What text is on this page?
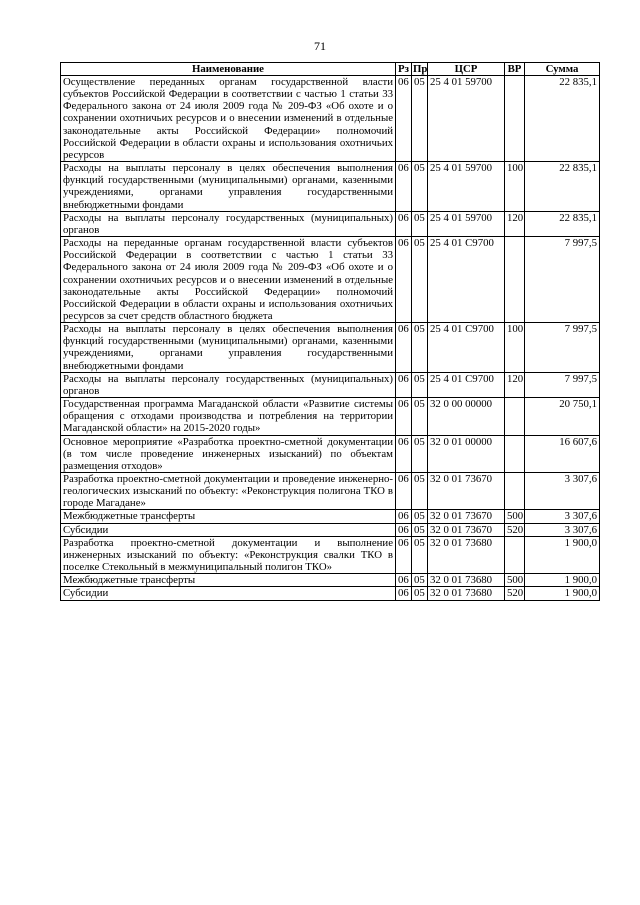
71
Наименование	Рз	Пр	ЦСР	ВР	Сумма
Осуществление переданных органам государственной власти субъектов Российской Федерации в соответствии с частью 1 статьи 33 Федерального закона от 24 июля 2009 года № 209-ФЗ «Об охоте и о сохранении охотничьих ресурсов и о внесении изменений в отдельные законодательные акты Российской Федерации» полномочий Российской Федерации в области охраны и использования охотничьих ресурсов	06	05	25 4 01 59700		22 835,1
Расходы на выплаты персоналу в целях обеспечения выполнения функций государственными (муниципальными) органами, казенными учреждениями, органами управления государственными внебюджетными фондами	06	05	25 4 01 59700	100	22 835,1
Расходы на выплаты персоналу государственных (муниципальных) органов	06	05	25 4 01 59700	120	22 835,1
Расходы на переданные органам государственной власти субъектов Российской Федерации в соответствии с частью 1 статьи 33 Федерального закона от 24 июля 2009 года № 209-ФЗ «Об охоте и о сохранении охотничьих ресурсов и о внесении изменений в отдельные законодательные акты Российской Федерации» полномочий Российской Федерации в области охраны и использования охотничьих ресурсов за счет средств областного бюджета	06	05	25 4 01 С9700		7 997,5
Расходы на выплаты персоналу в целях обеспечения выполнения функций государственными (муниципальными) органами, казенными учреждениями, органами управления государственными внебюджетными фондами	06	05	25 4 01 С9700	100	7 997,5
Расходы на выплаты персоналу государственных (муниципальных) органов	06	05	25 4 01 С9700	120	7 997,5
Государственная программа Магаданской области «Развитие системы обращения с отходами производства и потребления на территории Магаданской области» на 2015-2020 годы»	06	05	32 0 00 00000		20 750,1
Основное мероприятие «Разработка проектно-сметной документации (в том числе проведение инженерных изысканий) по объектам размещения отходов»	06	05	32 0 01 00000		16 607,6
Разработка проектно-сметной документации и проведение инженерно-геологических изысканий по объекту: «Реконструкция полигона ТКО в городе Магадане»	06	05	32 0 01 73670		3 307,6
Межбюджетные трансферты	06	05	32 0 01 73670	500	3 307,6
Субсидии	06	05	32 0 01 73670	520	3 307,6
Разработка проектно-сметной документации и выполнение инженерных изысканий по объекту: «Реконструкция свалки ТКО в поселке Стекольный в межмуниципальный полигон ТКО»	06	05	32 0 01 73680		1 900,0
Межбюджетные трансферты	06	05	32 0 01 73680	500	1 900,0
Субсидии	06	05	32 0 01 73680	520	1 900,0
